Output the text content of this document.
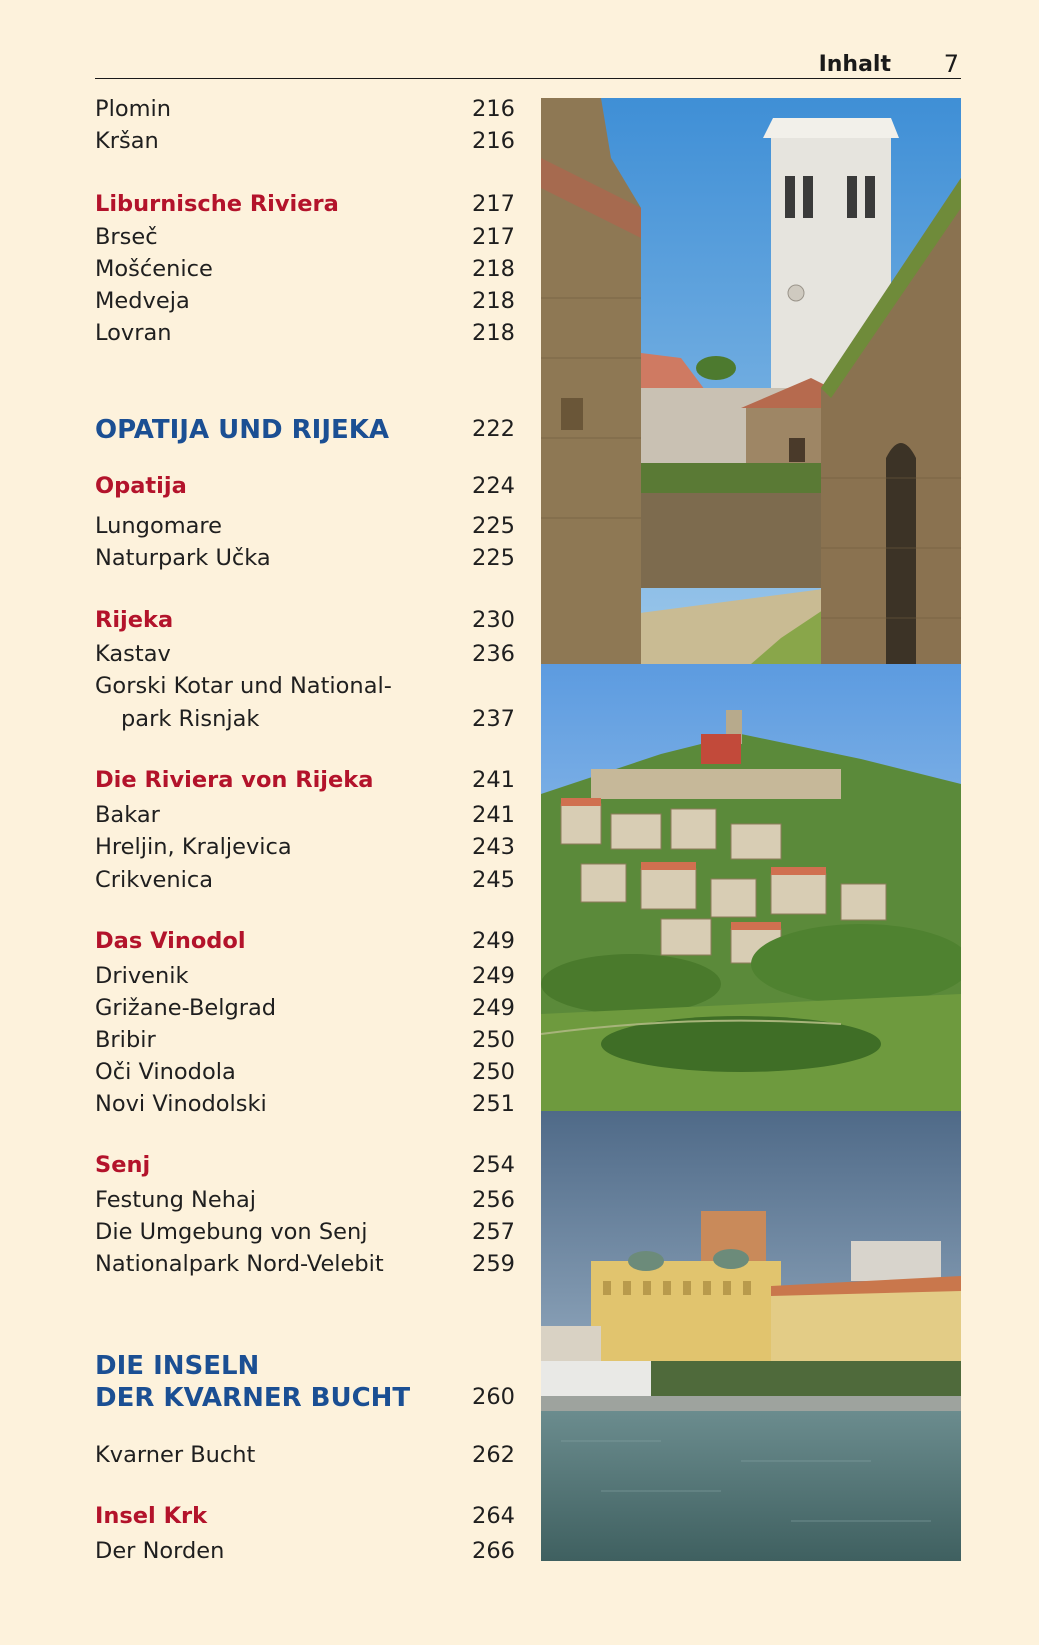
Inhalt 7
Plomin	216
Kršan	216
Liburnische Riviera	217
Brseč	217
Mošćenice	218
Medveja	218
Lovran	218
OPATIJA UND RIJEKA	222
Opatija	224
Lungomare	225
Naturpark Učka	225
Rijeka	230
Kastav	236
Gorski Kotar und National-
park Risnjak	237
Die Riviera von Rijeka	241
Bakar	241
Hreljin, Kraljevica	243
Crikvenica	245
Das Vinodol	249
Drivenik	249
Grižane-Belgrad	249
Bribir	250
Oči Vinodola	250
Novi Vinodolski	251
Senj	254
Festung Nehaj	256
Die Umgebung von Senj	257
Nationalpark Nord-Velebit	259
DIE INSELN
DER KVARNER BUCHT	260
Kvarner Bucht	262
Insel Krk	264
Der Norden	266
